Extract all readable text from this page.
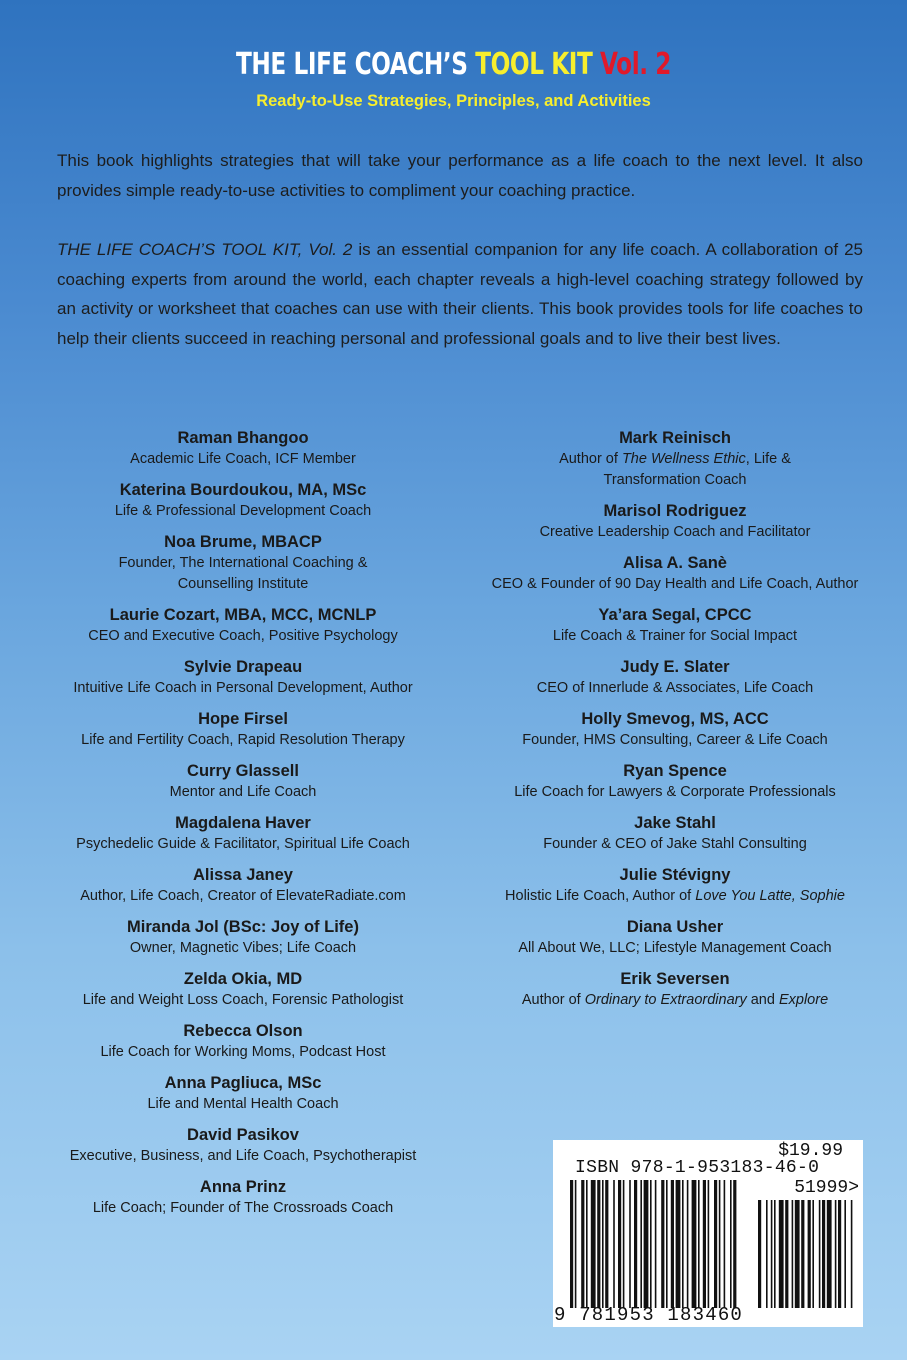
THE LIFE COACH’S TOOL KIT Vol. 2
Ready-to-Use Strategies, Principles, and Activities
This book highlights strategies that will take your performance as a life coach to the next level. It also provides simple ready-to-use activities to compliment your coaching practice.
THE LIFE COACH’S TOOL KIT, Vol. 2 is an essential companion for any life coach. A collaboration of 25 coaching experts from around the world, each chapter reveals a high-level coaching strategy followed by an activity or worksheet that coaches can use with their clients. This book provides tools for life coaches to help their clients succeed in reaching personal and professional goals and to live their best lives.
Raman Bhangoo
Academic Life Coach, ICF Member
Katerina Bourdoukou, MA, MSc
Life & Professional Development Coach
Noa Brume, MBACP
Founder, The International Coaching & Counselling Institute
Laurie Cozart, MBA, MCC, MCNLP
CEO and Executive Coach, Positive Psychology
Sylvie Drapeau
Intuitive Life Coach in Personal Development, Author
Hope Firsel
Life and Fertility Coach, Rapid Resolution Therapy
Curry Glassell
Mentor and Life Coach
Magdalena Haver
Psychedelic Guide & Facilitator, Spiritual Life Coach
Alissa Janey
Author, Life Coach, Creator of ElevateRadiate.com
Miranda Jol (BSc: Joy of Life)
Owner, Magnetic Vibes; Life Coach
Zelda Okia, MD
Life and Weight Loss Coach, Forensic Pathologist
Rebecca Olson
Life Coach for Working Moms, Podcast Host
Anna Pagliuca, MSc
Life and Mental Health Coach
David Pasikov
Executive, Business, and Life Coach, Psychotherapist
Anna Prinz
Life Coach; Founder of The Crossroads Coach
Mark Reinisch
Author of The Wellness Ethic, Life & Transformation Coach
Marisol Rodriguez
Creative Leadership Coach and Facilitator
Alisa A. Sanè
CEO & Founder of 90 Day Health and Life Coach, Author
Ya’ara Segal, CPCC
Life Coach & Trainer for Social Impact
Judy E. Slater
CEO of Innerlude & Associates, Life Coach
Holly Smevog, MS, ACC
Founder, HMS Consulting, Career & Life Coach
Ryan Spence
Life Coach for Lawyers & Corporate Professionals
Jake Stahl
Founder & CEO of Jake Stahl Consulting
Julie Stévigny
Holistic Life Coach, Author of Love You Latte, Sophie
Diana Usher
All About We, LLC; Lifestyle Management Coach
Erik Seversen
Author of Ordinary to Extraordinary and Explore
$19.99
ISBN 978-1-953183-46-0
51999>
9 781953 183460
